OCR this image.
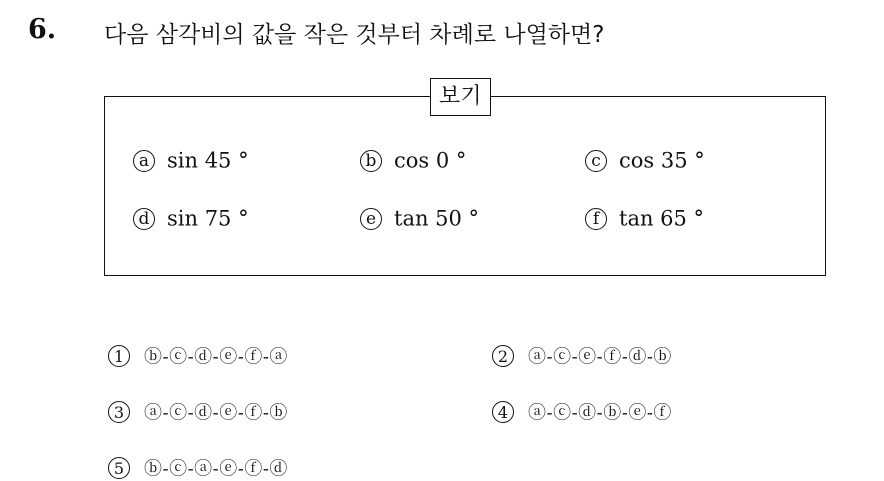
6. 다음 삼각비의 값을 작은 것부터 차례로 나열하면?
보기
a sin 45 °	b cos 0 °	c cos 35 °
d sin 75 °	e tan 50 °	f tan 65 °
1 ⓑ-ⓒ-ⓓ-ⓔ-ⓕ-ⓐ	2 ⓐ-ⓒ-ⓔ-ⓕ-ⓓ-ⓑ
3 ⓐ-ⓒ-ⓓ-ⓔ-ⓕ-ⓑ	4 ⓐ-ⓒ-ⓓ-ⓑ-ⓔ-ⓕ
5 ⓑ-ⓒ-ⓐ-ⓔ-ⓕ-ⓓ
